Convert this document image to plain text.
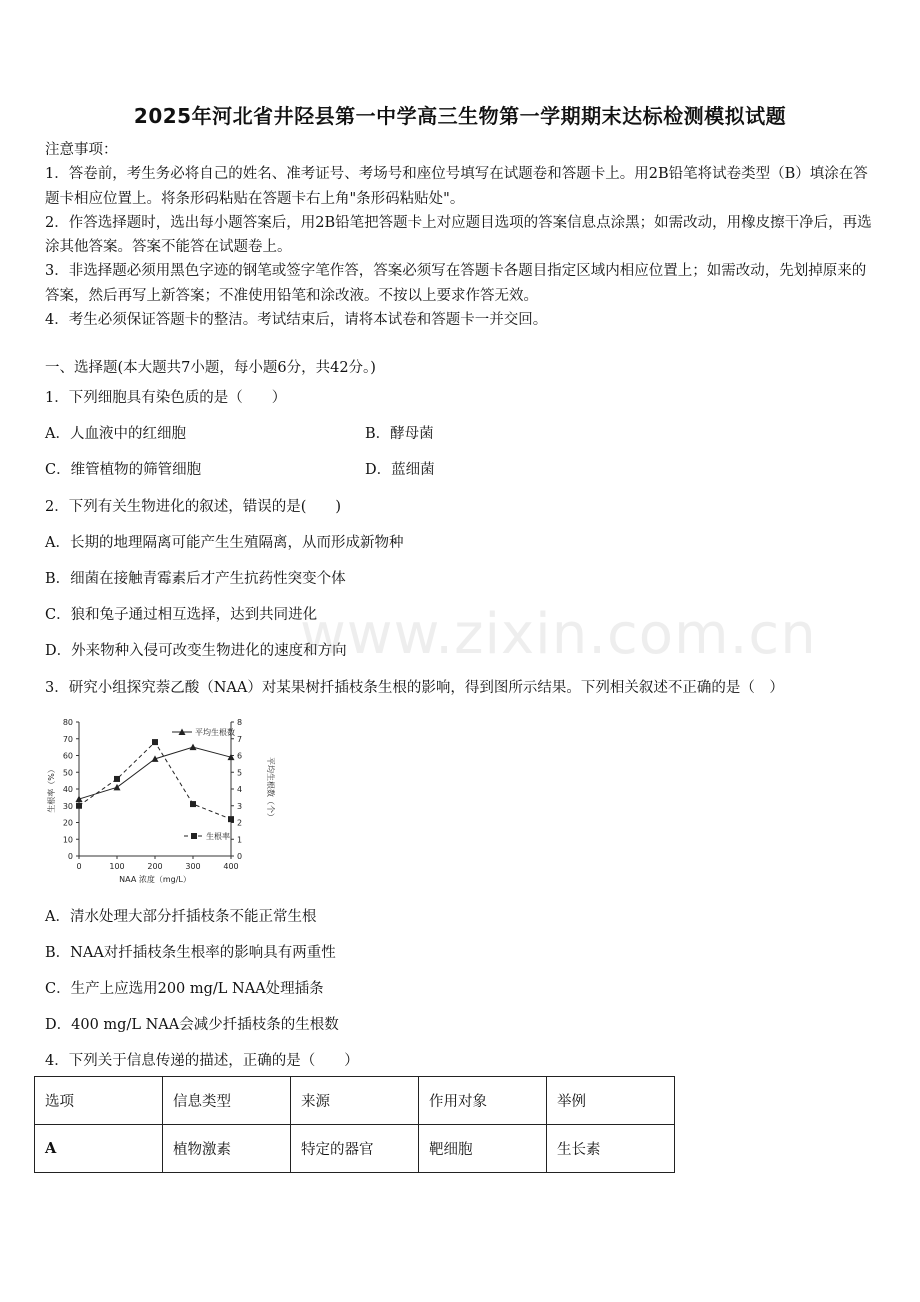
2025年河北省井陉县第一中学高三生物第一学期期末达标检测模拟试题

注意事项：

1．答卷前，考生务必将自己的姓名、准考证号、考场号和座位号填写在试题卷和答题卡上。用2B铅笔将试卷类型（B）填涂在答题卡相应位置上。将条形码粘贴在答题卡右上角"条形码粘贴处"。

2．作答选择题时，选出每小题答案后，用2B铅笔把答题卡上对应题目选项的答案信息点涂黑；如需改动，用橡皮擦干净后，再选涂其他答案。答案不能答在试题卷上。

3．非选择题必须用黑色字迹的钢笔或签字笔作答，答案必须写在答题卡各题目指定区域内相应位置上；如需改动，先划掉原来的答案，然后再写上新答案；不准使用铅笔和涂改液。不按以上要求作答无效。

4．考生必须保证答题卡的整洁。考试结束后，请将本试卷和答题卡一并交回。

一、选择题(本大题共7小题，每小题6分，共42分。)
1．下列细胞具有染色质的是（　　）
A．人血液中的红细胞	B．酵母菌
C．维管植物的筛管细胞	D．蓝细菌
2．下列有关生物进化的叙述，错误的是(　　)
A．长期的地理隔离可能产生生殖隔离，从而形成新物种
B．细菌在接触青霉素后才产生抗药性突变个体
C．狼和兔子通过相互选择，达到共同进化
D．外来物种入侵可改变生物进化的速度和方向
www.zixin.com.cn
3．研究小组探究萘乙酸（NAA）对某果树扦插枝条生根的影响，得到图所示结果。下列相关叙述不正确的是（　）
0
10
20
30
40
50
60
70
80
0
1
2
3
4
5
6
7
8
0	100	200	300	400
NAA 浓度（mg/L）
生根率（%）	平均生根数（个）
平均生根数
生根率
A．清水处理大部分扦插枝条不能正常生根
B．NAA对扦插枝条生根率的影响具有两重性
C．生产上应选用200 mg/L NAA处理插条
D．400 mg/L NAA会减少扦插枝条的生根数
4．下列关于信息传递的描述，正确的是（　　）
选项	信息类型	来源	作用对象	举例
A	植物激素	特定的器官	靶细胞	生长素
